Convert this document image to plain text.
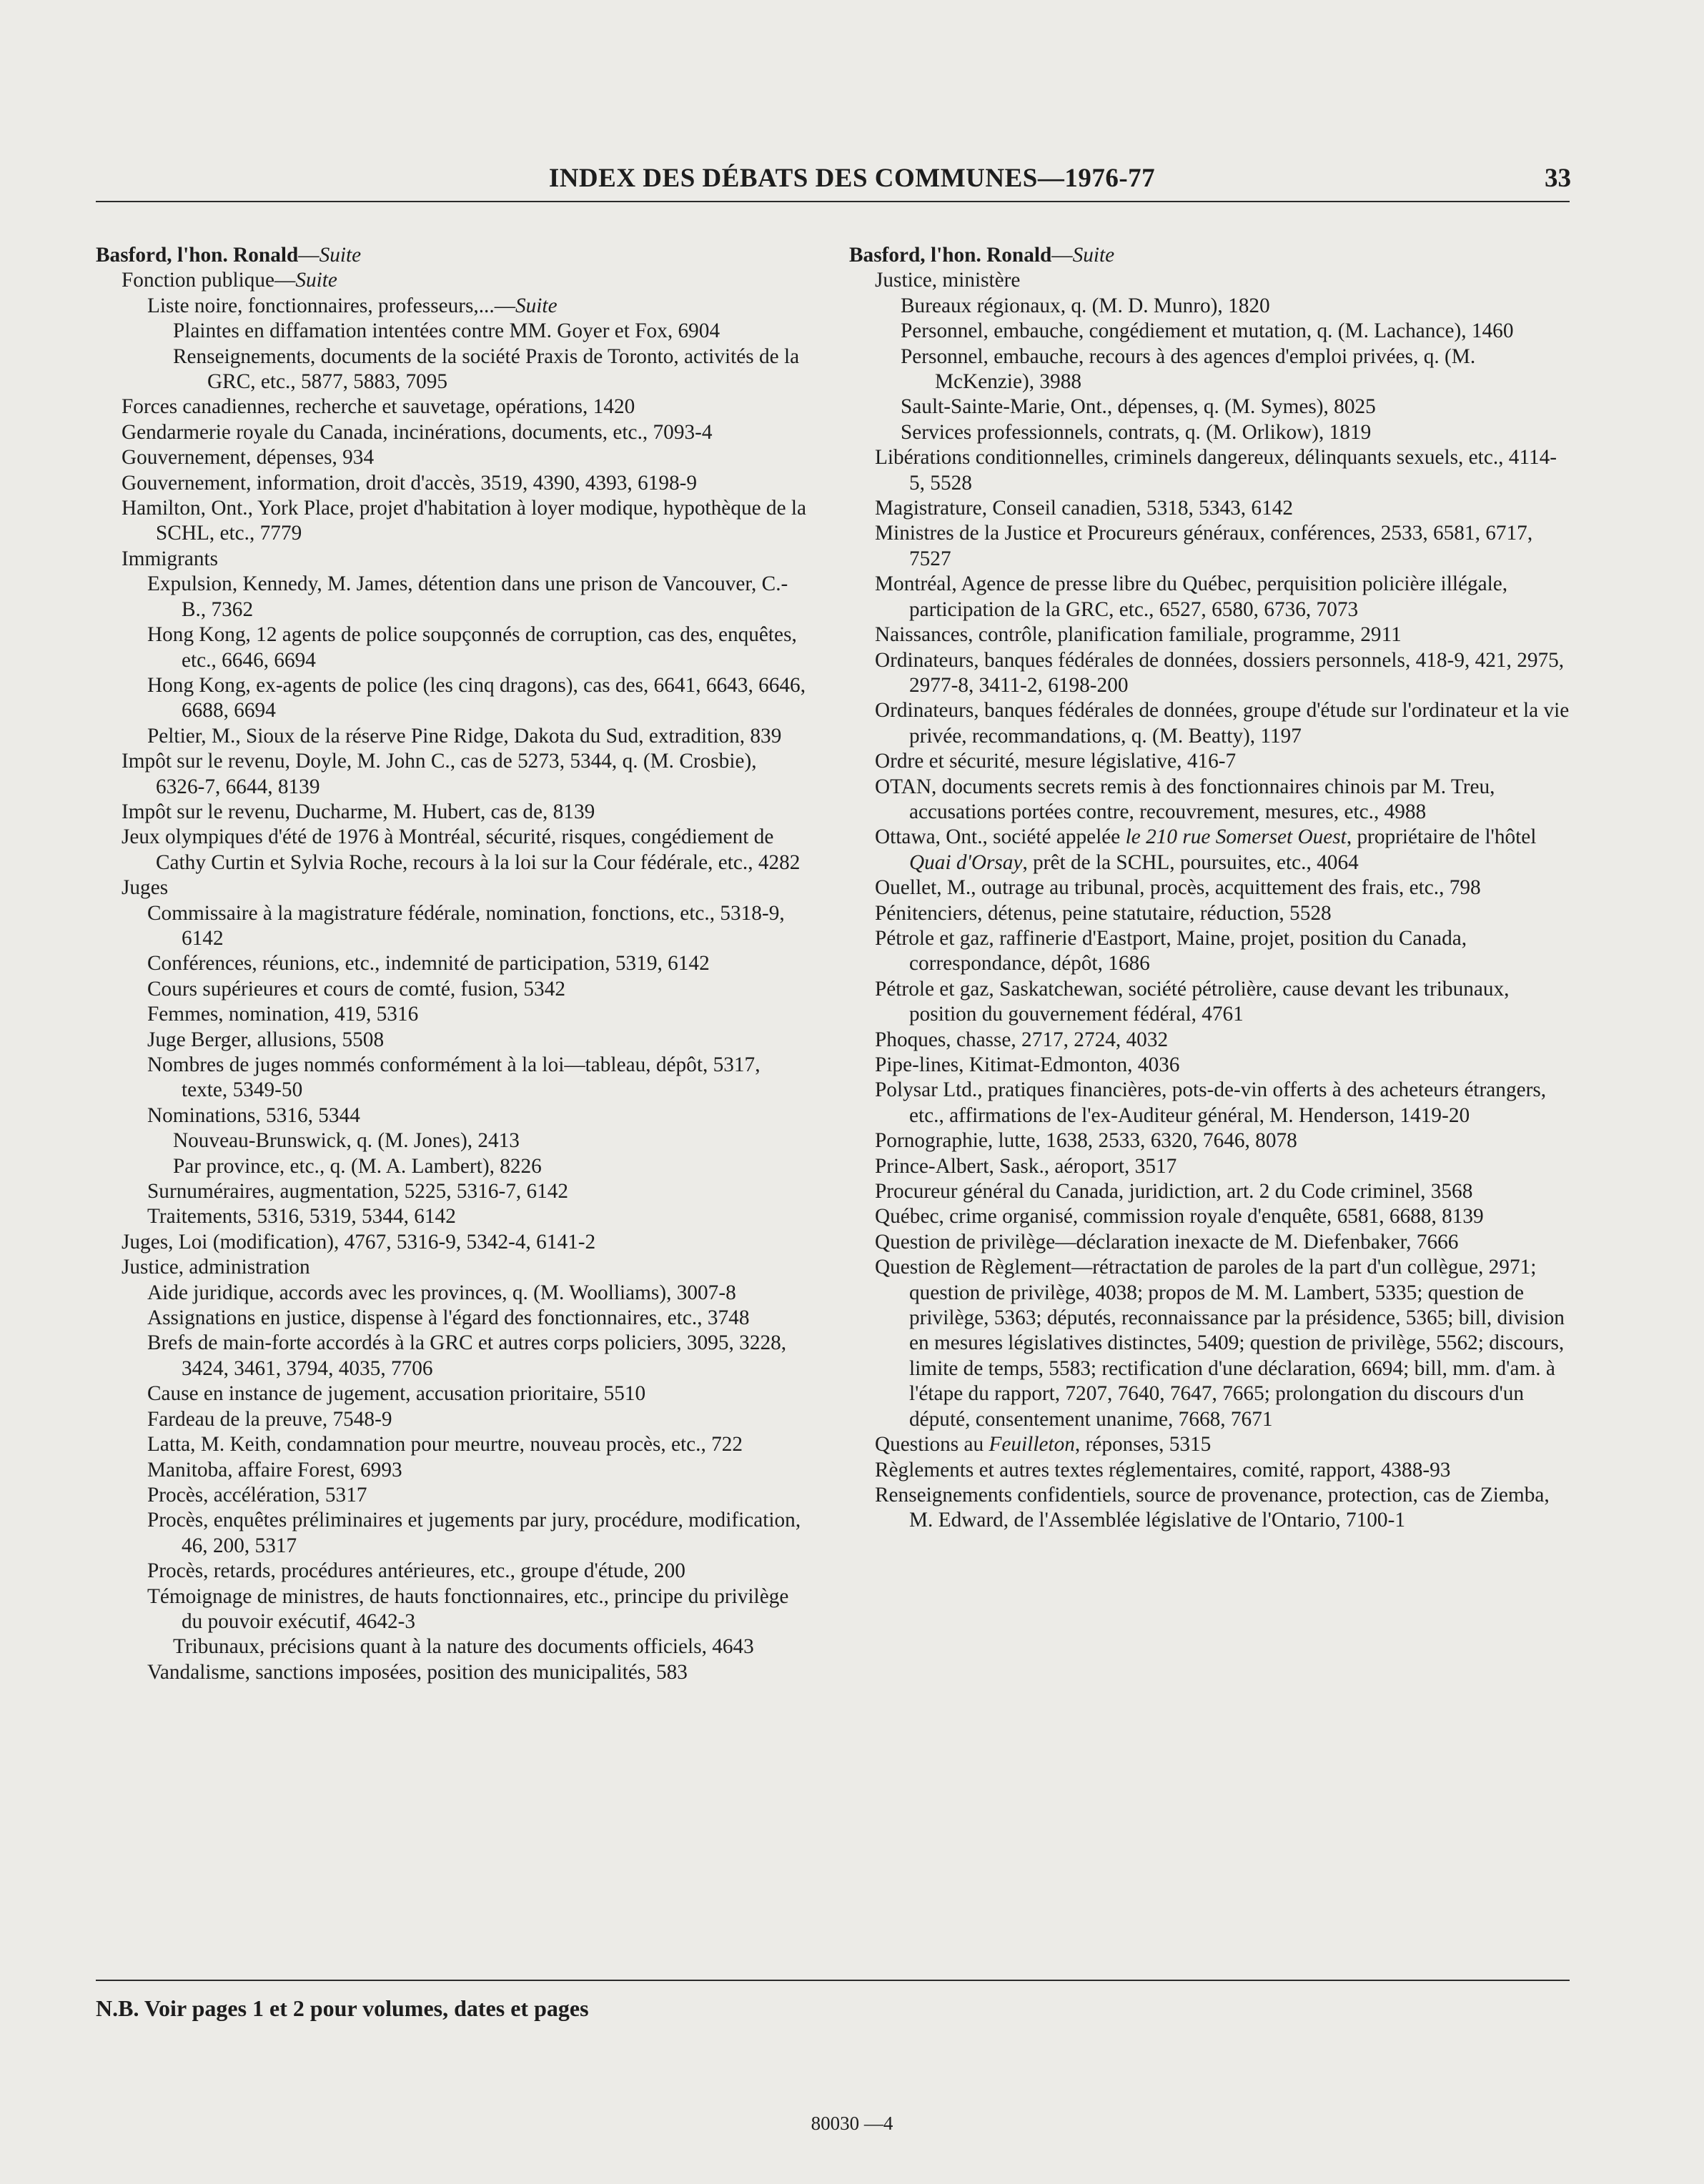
INDEX DES DÉBATS DES COMMUNES—1976-77	33
Basford, l'hon. Ronald—Suite
Fonction publique—Suite
Liste noire, fonctionnaires, professeurs,...—Suite
Plaintes en diffamation intentées contre MM. Goyer et Fox, 6904
Renseignements, documents de la société Praxis de Toronto, activités de la GRC, etc., 5877, 5883, 7095
Forces canadiennes, recherche et sauvetage, opérations, 1420
Gendarmerie royale du Canada, incinérations, documents, etc., 7093-4
Gouvernement, dépenses, 934
Gouvernement, information, droit d'accès, 3519, 4390, 4393, 6198-9
Hamilton, Ont., York Place, projet d'habitation à loyer modique, hypothèque de la SCHL, etc., 7779
Immigrants
Expulsion, Kennedy, M. James, détention dans une prison de Vancouver, C.-B., 7362
Hong Kong, 12 agents de police soupçonnés de corruption, cas des, enquêtes, etc., 6646, 6694
Hong Kong, ex-agents de police (les cinq dragons), cas des, 6641, 6643, 6646, 6688, 6694
Peltier, M., Sioux de la réserve Pine Ridge, Dakota du Sud, extradition, 839
Impôt sur le revenu, Doyle, M. John C., cas de 5273, 5344, q. (M. Crosbie), 6326-7, 6644, 8139
Impôt sur le revenu, Ducharme, M. Hubert, cas de, 8139
Jeux olympiques d'été de 1976 à Montréal, sécurité, risques, congédiement de Cathy Curtin et Sylvia Roche, recours à la loi sur la Cour fédérale, etc., 4282
Juges
Commissaire à la magistrature fédérale, nomination, fonctions, etc., 5318-9, 6142
Conférences, réunions, etc., indemnité de participation, 5319, 6142
Cours supérieures et cours de comté, fusion, 5342
Femmes, nomination, 419, 5316
Juge Berger, allusions, 5508
Nombres de juges nommés conformément à la loi—tableau, dépôt, 5317, texte, 5349-50
Nominations, 5316, 5344
Nouveau-Brunswick, q. (M. Jones), 2413
Par province, etc., q. (M. A. Lambert), 8226
Surnuméraires, augmentation, 5225, 5316-7, 6142
Traitements, 5316, 5319, 5344, 6142
Juges, Loi (modification), 4767, 5316-9, 5342-4, 6141-2
Justice, administration
Aide juridique, accords avec les provinces, q. (M. Woolliams), 3007-8
Assignations en justice, dispense à l'égard des fonctionnaires, etc., 3748
Brefs de main-forte accordés à la GRC et autres corps policiers, 3095, 3228, 3424, 3461, 3794, 4035, 7706
Cause en instance de jugement, accusation prioritaire, 5510
Fardeau de la preuve, 7548-9
Latta, M. Keith, condamnation pour meurtre, nouveau procès, etc., 722
Manitoba, affaire Forest, 6993
Procès, accélération, 5317
Procès, enquêtes préliminaires et jugements par jury, procédure, modification, 46, 200, 5317
Procès, retards, procédures antérieures, etc., groupe d'étude, 200
Témoignage de ministres, de hauts fonctionnaires, etc., principe du privilège du pouvoir exécutif, 4642-3
Tribunaux, précisions quant à la nature des documents officiels, 4643
Vandalisme, sanctions imposées, position des municipalités, 583
Basford, l'hon. Ronald—Suite
Justice, ministère
Bureaux régionaux, q. (M. D. Munro), 1820
Personnel, embauche, congédiement et mutation, q. (M. Lachance), 1460
Personnel, embauche, recours à des agences d'emploi privées, q. (M. McKenzie), 3988
Sault-Sainte-Marie, Ont., dépenses, q. (M. Symes), 8025
Services professionnels, contrats, q. (M. Orlikow), 1819
Libérations conditionnelles, criminels dangereux, délinquants sexuels, etc., 4114-5, 5528
Magistrature, Conseil canadien, 5318, 5343, 6142
Ministres de la Justice et Procureurs généraux, conférences, 2533, 6581, 6717, 7527
Montréal, Agence de presse libre du Québec, perquisition policière illégale, participation de la GRC, etc., 6527, 6580, 6736, 7073
Naissances, contrôle, planification familiale, programme, 2911
Ordinateurs, banques fédérales de données, dossiers personnels, 418-9, 421, 2975, 2977-8, 3411-2, 6198-200
Ordinateurs, banques fédérales de données, groupe d'étude sur l'ordinateur et la vie privée, recommandations, q. (M. Beatty), 1197
Ordre et sécurité, mesure législative, 416-7
OTAN, documents secrets remis à des fonctionnaires chinois par M. Treu, accusations portées contre, recouvrement, mesures, etc., 4988
Ottawa, Ont., société appelée le 210 rue Somerset Ouest, propriétaire de l'hôtel Quai d'Orsay, prêt de la SCHL, poursuites, etc., 4064
Ouellet, M., outrage au tribunal, procès, acquittement des frais, etc., 798
Pénitenciers, détenus, peine statutaire, réduction, 5528
Pétrole et gaz, raffinerie d'Eastport, Maine, projet, position du Canada, correspondance, dépôt, 1686
Pétrole et gaz, Saskatchewan, société pétrolière, cause devant les tribunaux, position du gouvernement fédéral, 4761
Phoques, chasse, 2717, 2724, 4032
Pipe-lines, Kitimat-Edmonton, 4036
Polysar Ltd., pratiques financières, pots-de-vin offerts à des acheteurs étrangers, etc., affirmations de l'ex-Auditeur général, M. Henderson, 1419-20
Pornographie, lutte, 1638, 2533, 6320, 7646, 8078
Prince-Albert, Sask., aéroport, 3517
Procureur général du Canada, juridiction, art. 2 du Code criminel, 3568
Québec, crime organisé, commission royale d'enquête, 6581, 6688, 8139
Question de privilège—déclaration inexacte de M. Diefenbaker, 7666
Question de Règlement—rétractation de paroles de la part d'un collègue, 2971; question de privilège, 4038; propos de M. M. Lambert, 5335; question de privilège, 5363; députés, reconnaissance par la présidence, 5365; bill, division en mesures législatives distinctes, 5409; question de privilège, 5562; discours, limite de temps, 5583; rectification d'une déclaration, 6694; bill, mm. d'am. à l'étape du rapport, 7207, 7640, 7647, 7665; prolongation du discours d'un député, consentement unanime, 7668, 7671
Questions au Feuilleton, réponses, 5315
Règlements et autres textes réglementaires, comité, rapport, 4388-93
Renseignements confidentiels, source de provenance, protection, cas de Ziemba, M. Edward, de l'Assemblée législative de l'Ontario, 7100-1
N.B. Voir pages 1 et 2 pour volumes, dates et pages
80030 —4
